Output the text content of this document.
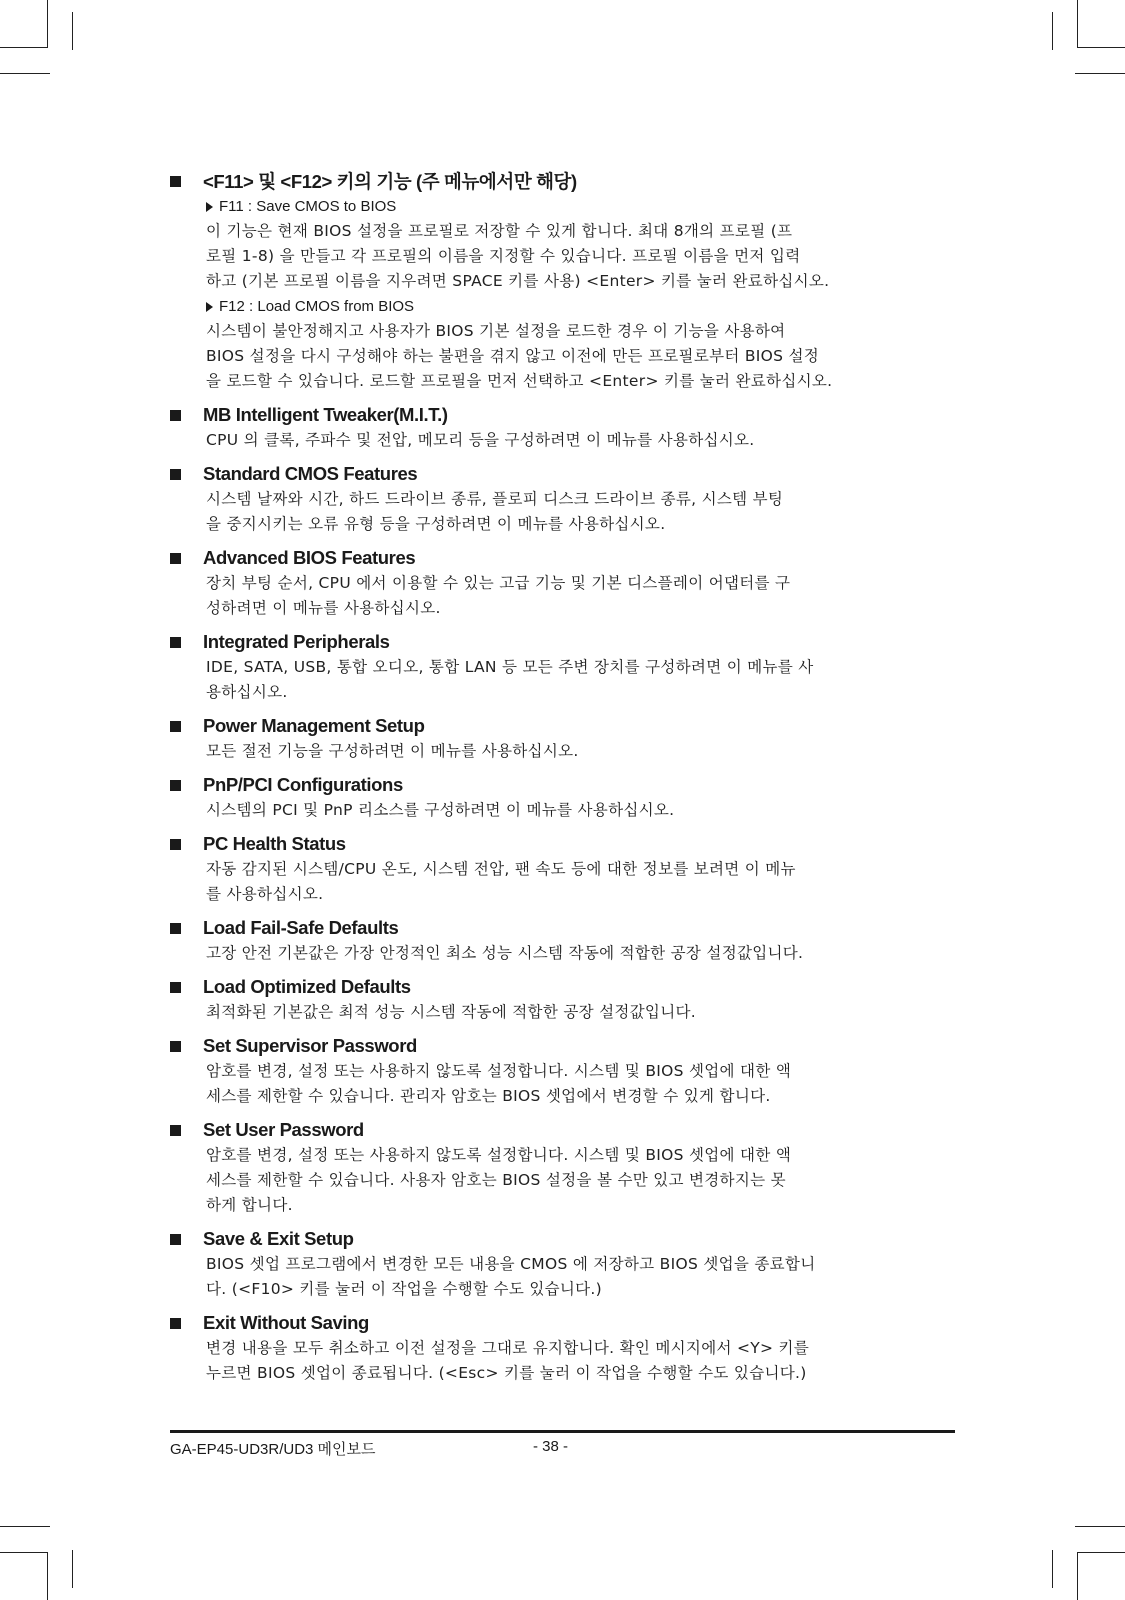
<F11> 및 <F12> 키의 기능 (주 메뉴에서만 해당)
F11 : Save CMOS to BIOS

이 기능은 현재 BIOS 설정을 프로필로 저장할 수 있게 합니다. 최대 8개의 프로필 (프

로필 1-8) 을 만들고 각 프로필의 이름을 지정할 수 있습니다. 프로필 이름을 먼저 입력

하고 (기본 프로필 이름을 지우려면 SPACE 키를 사용) <Enter> 키를 눌러 완료하십시오.

F12 : Load CMOS from BIOS

시스템이 불안정해지고 사용자가 BIOS 기본 설정을 로드한 경우 이 기능을 사용하여

BIOS 설정을 다시 구성해야 하는 불편을 겪지 않고 이전에 만든 프로필로부터 BIOS 설정

을 로드할 수 있습니다. 로드할 프로필을 먼저 선택하고 <Enter> 키를 눌러 완료하십시오.

MB Intelligent Tweaker(M.I.T.)

CPU 의 클록, 주파수 및 전압, 메모리 등을 구성하려면 이 메뉴를 사용하십시오.

Standard CMOS Features

시스템 날짜와 시간, 하드 드라이브 종류, 플로피 디스크 드라이브 종류, 시스템 부팅

을 중지시키는 오류 유형 등을 구성하려면 이 메뉴를 사용하십시오.

Advanced BIOS Features

장치 부팅 순서, CPU 에서 이용할 수 있는 고급 기능 및 기본 디스플레이 어댑터를 구

성하려면 이 메뉴를 사용하십시오.

Integrated Peripherals

IDE, SATA, USB, 통합 오디오, 통합 LAN 등 모든 주변 장치를 구성하려면 이 메뉴를 사

용하십시오.

Power Management Setup

모든 절전 기능을 구성하려면 이 메뉴를 사용하십시오.

PnP/PCI Configurations

시스템의 PCI 및 PnP 리소스를 구성하려면 이 메뉴를 사용하십시오.

PC Health Status

자동 감지된 시스템/CPU 온도, 시스템 전압, 팬 속도 등에 대한 정보를 보려면 이 메뉴

를 사용하십시오.

Load Fail-Safe Defaults

고장 안전 기본값은 가장 안정적인 최소 성능 시스템 작동에 적합한 공장 설정값입니다.

Load Optimized Defaults

최적화된 기본값은 최적 성능 시스템 작동에 적합한 공장 설정값입니다.

Set Supervisor Password

암호를 변경, 설정 또는 사용하지 않도록 설정합니다. 시스템 및 BIOS 셋업에 대한 액

세스를 제한할 수 있습니다. 관리자 암호는 BIOS 셋업에서 변경할 수 있게 합니다.

Set User Password

암호를 변경, 설정 또는 사용하지 않도록 설정합니다. 시스템 및 BIOS 셋업에 대한 액

세스를 제한할 수 있습니다. 사용자 암호는 BIOS 설정을 볼 수만 있고 변경하지는 못

하게 합니다.

Save & Exit Setup

BIOS 셋업 프로그램에서 변경한 모든 내용을 CMOS 에 저장하고 BIOS 셋업을 종료합니

다. (<F10> 키를 눌러 이 작업을 수행할 수도 있습니다.)

Exit Without Saving

변경 내용을 모두 취소하고 이전 설정을 그대로 유지합니다. 확인 메시지에서 <Y> 키를

누르면 BIOS 셋업이 종료됩니다. (<Esc> 키를 눌러 이 작업을 수행할 수도 있습니다.)

GA-EP45-UD3R/UD3 메인보드	- 38 -
